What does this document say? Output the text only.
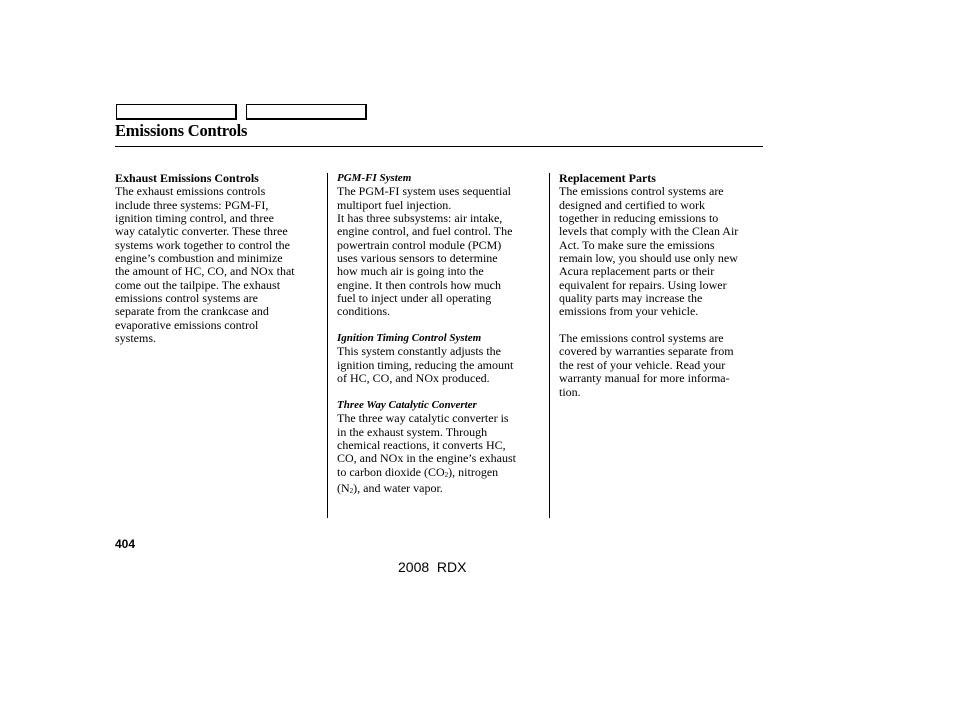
Emissions Controls
Exhaust Emissions Controls

The exhaust emissions controls
include three systems: PGM-FI,
ignition timing control, and three
way catalytic converter. These three
systems work together to control the
engine’s combustion and minimize
the amount of HC, CO, and NOx that
come out the tailpipe. The exhaust
emissions control systems are
separate from the crankcase and
evaporative emissions control
systems.

PGM-FI System

The PGM-FI system uses sequential
multiport fuel injection.
It has three subsystems: air intake,
engine control, and fuel control. The
powertrain control module (PCM)
uses various sensors to determine
how much air is going into the
engine. It then controls how much
fuel to inject under all operating
conditions.

Ignition Timing Control System

This system constantly adjusts the
ignition timing, reducing the amount
of HC, CO, and NOx produced.

Three Way Catalytic Converter

The three way catalytic converter is
in the exhaust system. Through
chemical reactions, it converts HC,
CO, and NOx in the engine’s exhaust
to carbon dioxide (CO2), nitrogen
(N2), and water vapor.

Replacement Parts

The emissions control systems are
designed and certified to work
together in reducing emissions to
levels that comply with the Clean Air
Act. To make sure the emissions
remain low, you should use only new
Acura replacement parts or their
equivalent for repairs. Using lower
quality parts may increase the
emissions from your vehicle.

The emissions control systems are
covered by warranties separate from
the rest of your vehicle. Read your
warranty manual for more informa-
tion.

404
2008  RDX
